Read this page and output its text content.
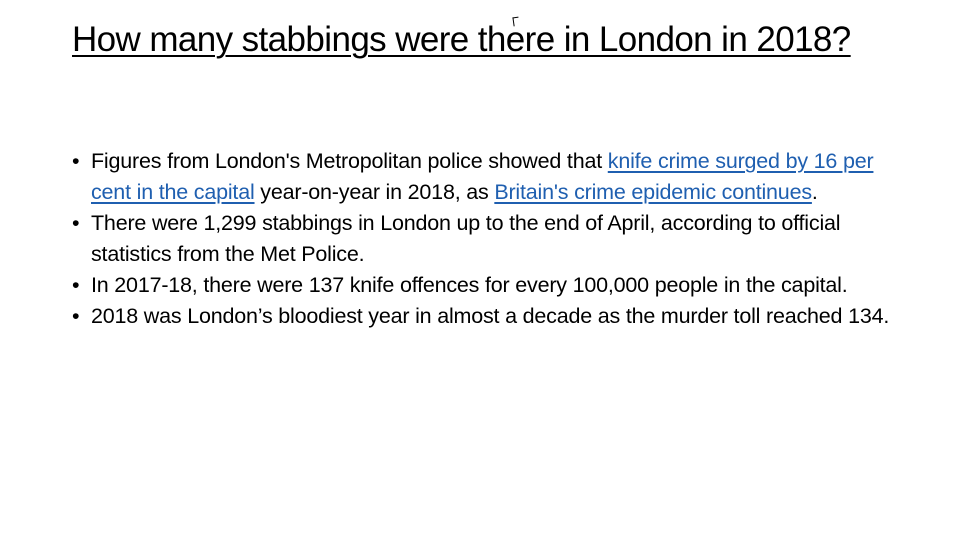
How many stabbings were there in London in 2018?
• Figures from London's Metropolitan police showed that knife crime surged by 16 per cent in the capital year-on-year in 2018, as Britain's crime epidemic continues.
• There were 1,299 stabbings in London up to the end of April, according to official statistics from the Met Police.
• In 2017-18, there were 137 knife offences for every 100,000 people in the capital.
• 2018 was London’s bloodiest year in almost a decade as the murder toll reached 134.
